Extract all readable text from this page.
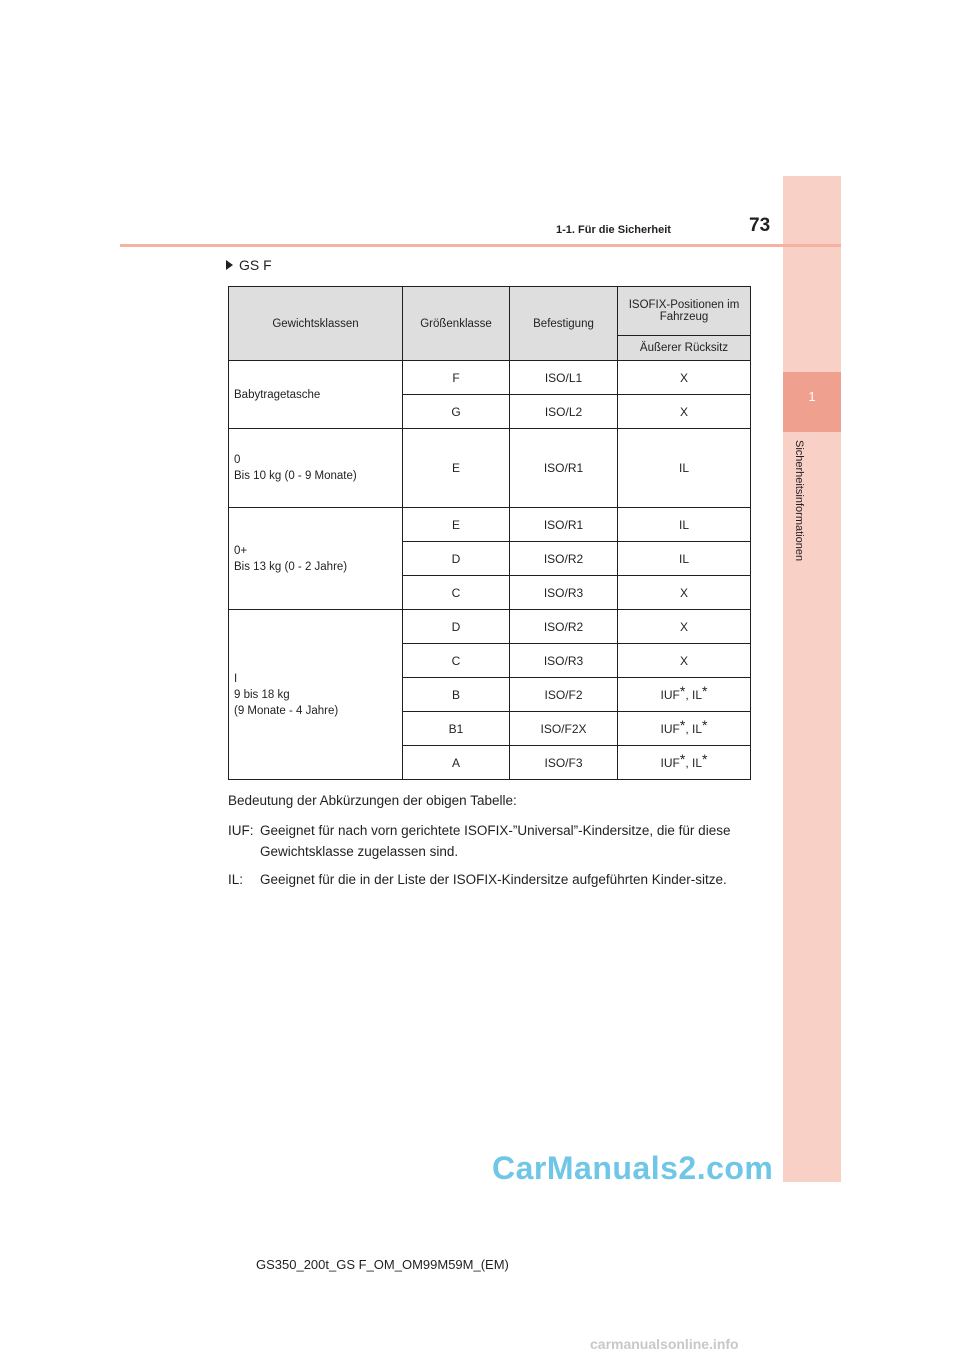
1
Sicherheitsinformationen
73
1-1. Für die Sicherheit
GS F
Gewichtsklassen	Größenklasse	Befestigung	ISOFIX-Positionen im Fahrzeug
			Äußerer Rücksitz
Babytragetasche	F	ISO/L1	X
	G	ISO/L2	X
0
Bis 10 kg (0 - 9 Monate)	E	ISO/R1	IL
0+
Bis 13 kg (0 - 2 Jahre)	E	ISO/R1	IL
	D	ISO/R2	IL
	C	ISO/R3	X
I
9 bis 18 kg
(9 Monate - 4 Jahre)	D	ISO/R2	X
	C	ISO/R3	X
	B	ISO/F2	IUF*, IL*
	B1	ISO/F2X	IUF*, IL*
	A	ISO/F3	IUF*, IL*
Bedeutung der Abkürzungen der obigen Tabelle:
IUF: Geeignet für nach vorn gerichtete ISOFIX-”Universal”-Kindersitze, die für diese Gewichtsklasse zugelassen sind.
IL: Geeignet für die in der Liste der ISOFIX-Kindersitze aufgeführten Kinder-sitze.
CarManuals2.com
GS350_200t_GS F_OM_OM99M59M_(EM)
carmanualsonline.info
